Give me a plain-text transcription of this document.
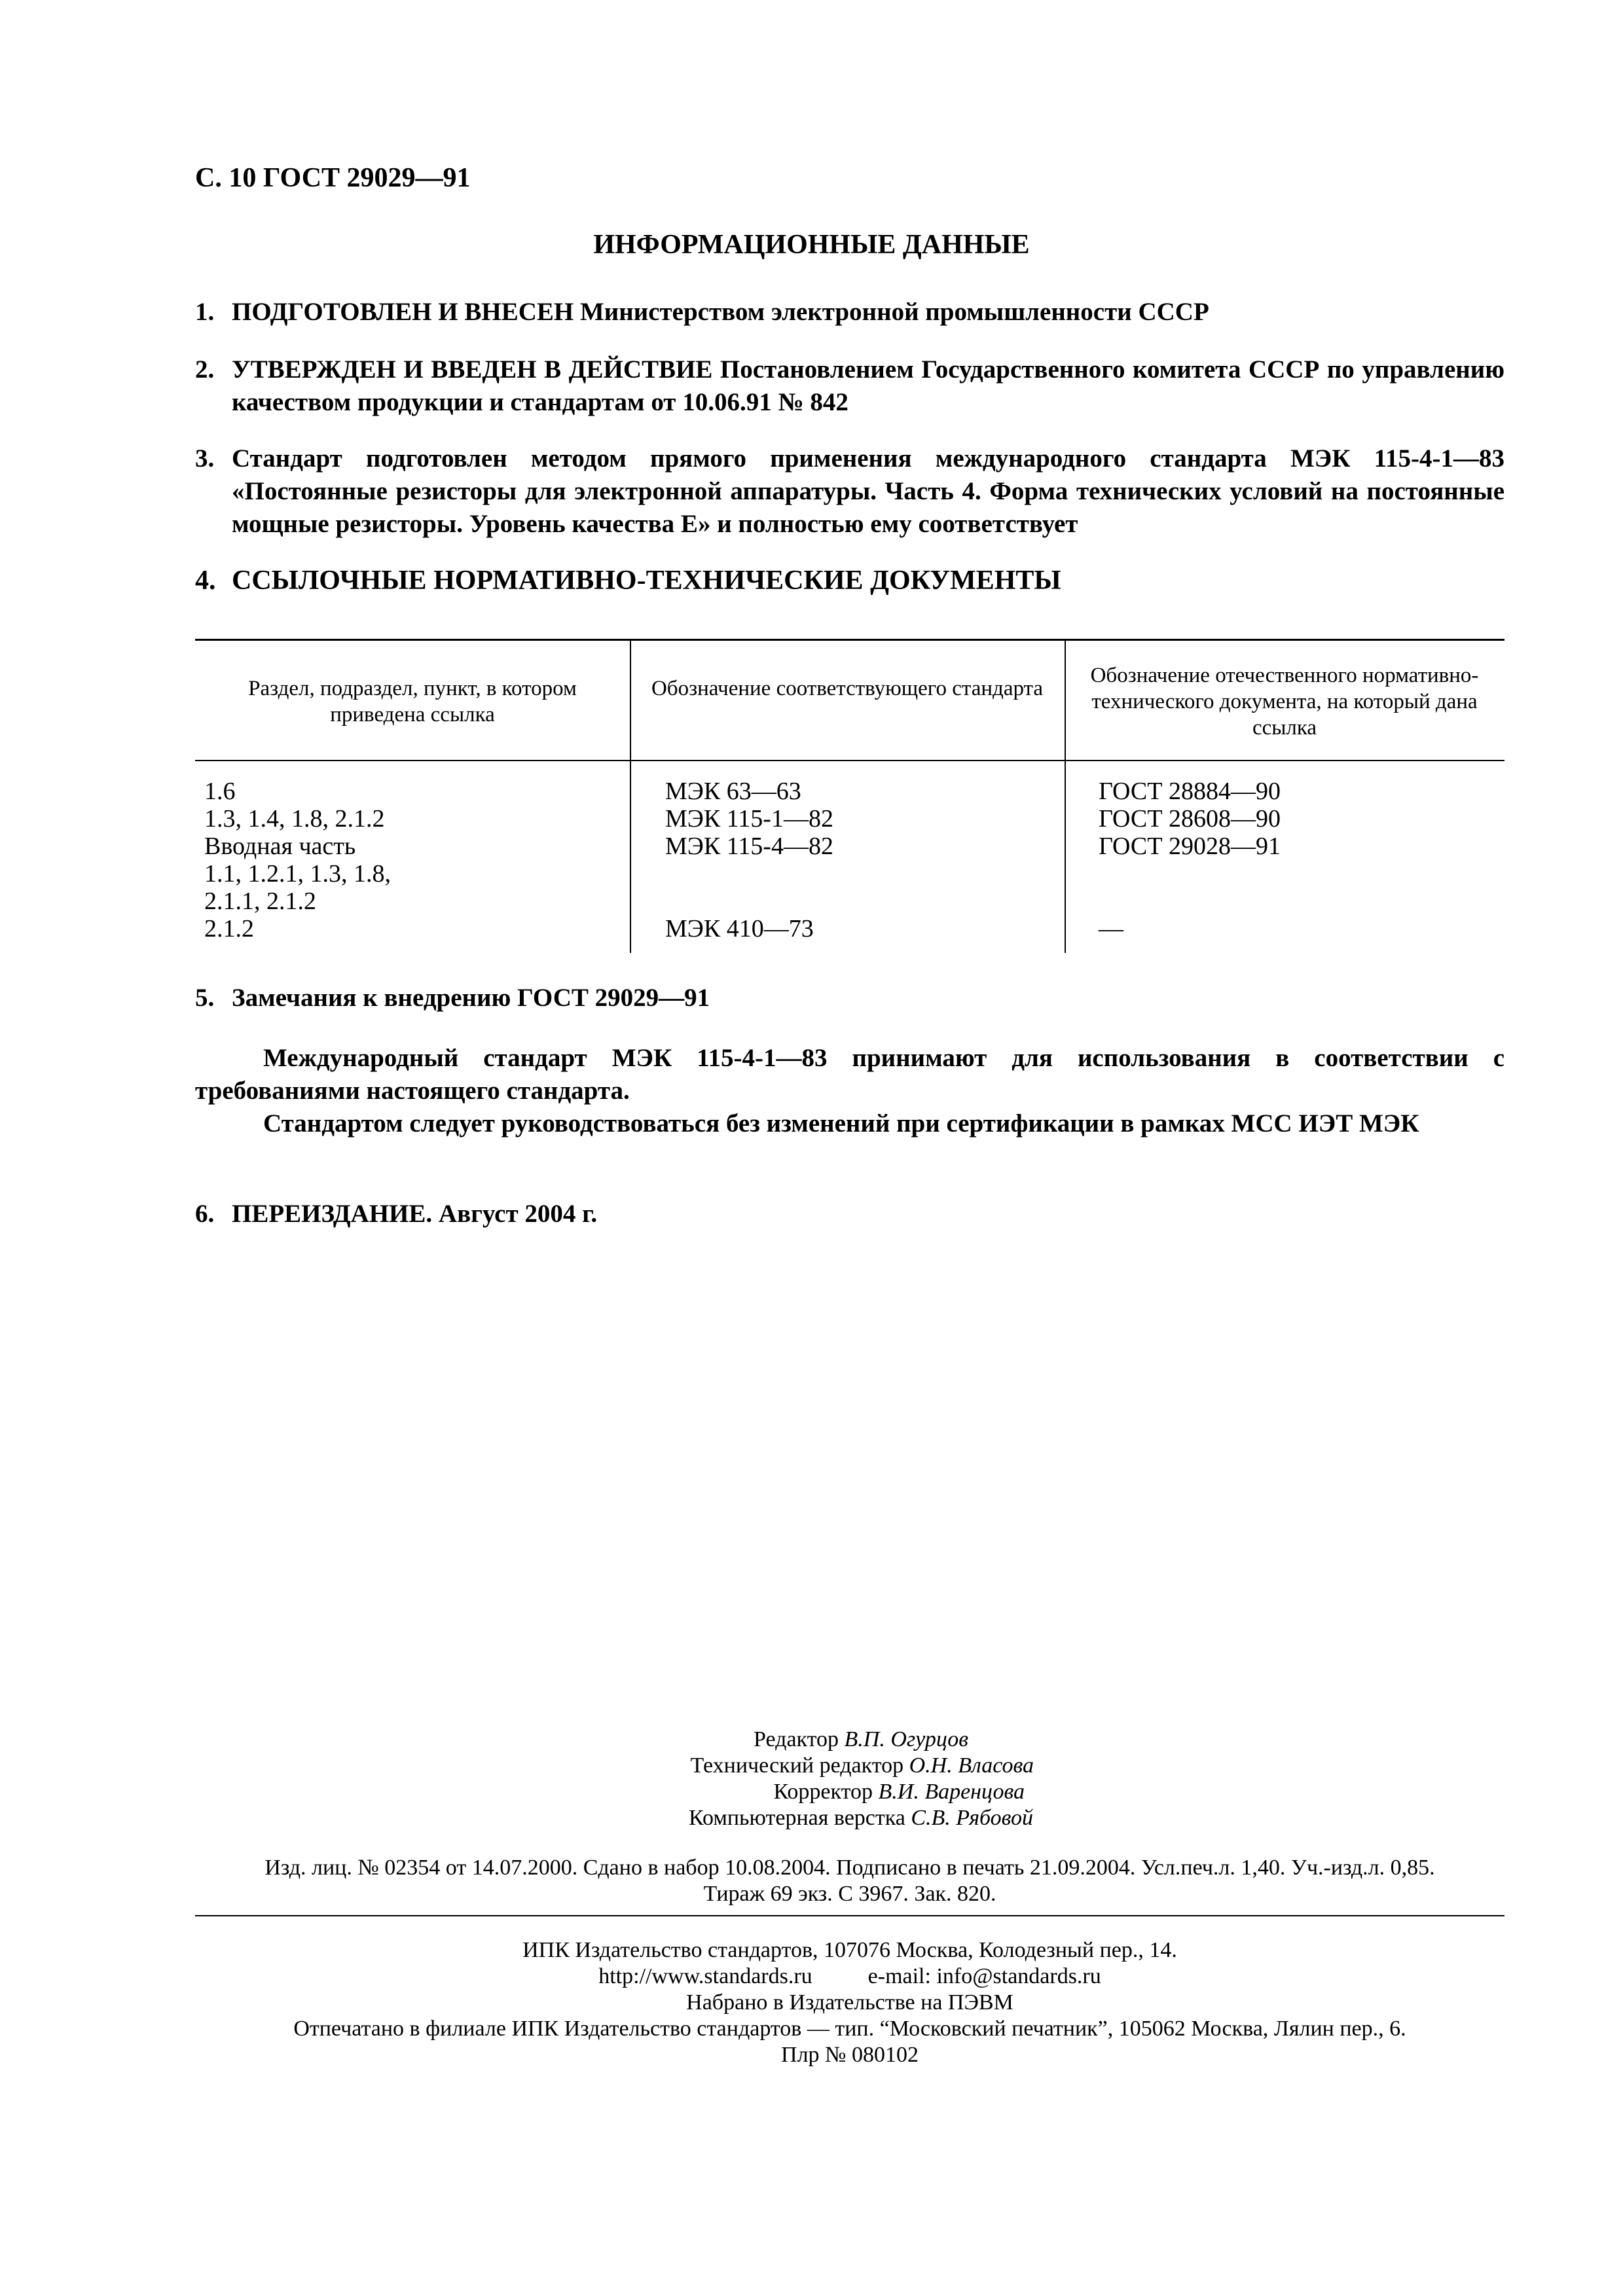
С. 10 ГОСТ 29029—91
ИНФОРМАЦИОННЫЕ ДАННЫЕ
1. ПОДГОТОВЛЕН И ВНЕСЕН Министерством электронной промышленности СССР
2. УТВЕРЖДЕН И ВВЕДЕН В ДЕЙСТВИЕ Постановлением Государственного комитета СССР по управлению качеством продукции и стандартам от 10.06.91 № 842
3. Стандарт подготовлен методом прямого применения международного стандарта МЭК 115-4-1—83 «Постоянные резисторы для электронной аппаратуры. Часть 4. Форма технических условий на постоянные мощные резисторы. Уровень качества Е» и полностью ему соответствует
4. ССЫЛОЧНЫЕ НОРМАТИВНО-ТЕХНИЧЕСКИЕ ДОКУМЕНТЫ
Раздел, подраздел, пункт, в котором приведена ссылка
Обозначение соответствующего стандарта
Обозначение отечественного нормативно-технического документа, на который дана ссылка
1.6
1.3, 1.4, 1.8, 2.1.2
Вводная часть
1.1, 1.2.1, 1.3, 1.8,
2.1.1, 2.1.2
2.1.2
МЭК 63—63
МЭК 115-1—82
МЭК 115-4—82

МЭК 410—73
ГОСТ 28884—90
ГОСТ 28608—90
ГОСТ 29028—91

—
5. Замечания к внедрению ГОСТ 29029—91
Международный стандарт МЭК 115-4-1—83 принимают для использования в соответствии с требованиями настоящего стандарта.
Стандартом следует руководствоваться без изменений при сертификации в рамках МСС ИЭТ МЭК
6. ПЕРЕИЗДАНИЕ. Август 2004 г.
Редактор В.П. Огурцов
Технический редактор О.Н. Власова
Корректор В.И. Варенцова
Компьютерная верстка С.В. Рябовой
Изд. лиц. № 02354 от 14.07.2000. Сдано в набор 10.08.2004. Подписано в печать 21.09.2004. Усл.печ.л. 1,40. Уч.-изд.л. 0,85.
Тираж 69 экз. С 3967. Зак. 820.
ИПК Издательство стандартов, 107076 Москва, Колодезный пер., 14.
http://www.standards.ru          e-mail: info@standards.ru
Набрано в Издательстве на ПЭВМ
Отпечатано в филиале ИПК Издательство стандартов — тип. “Московский печатник”, 105062 Москва, Лялин пер., 6.
Плр № 080102
